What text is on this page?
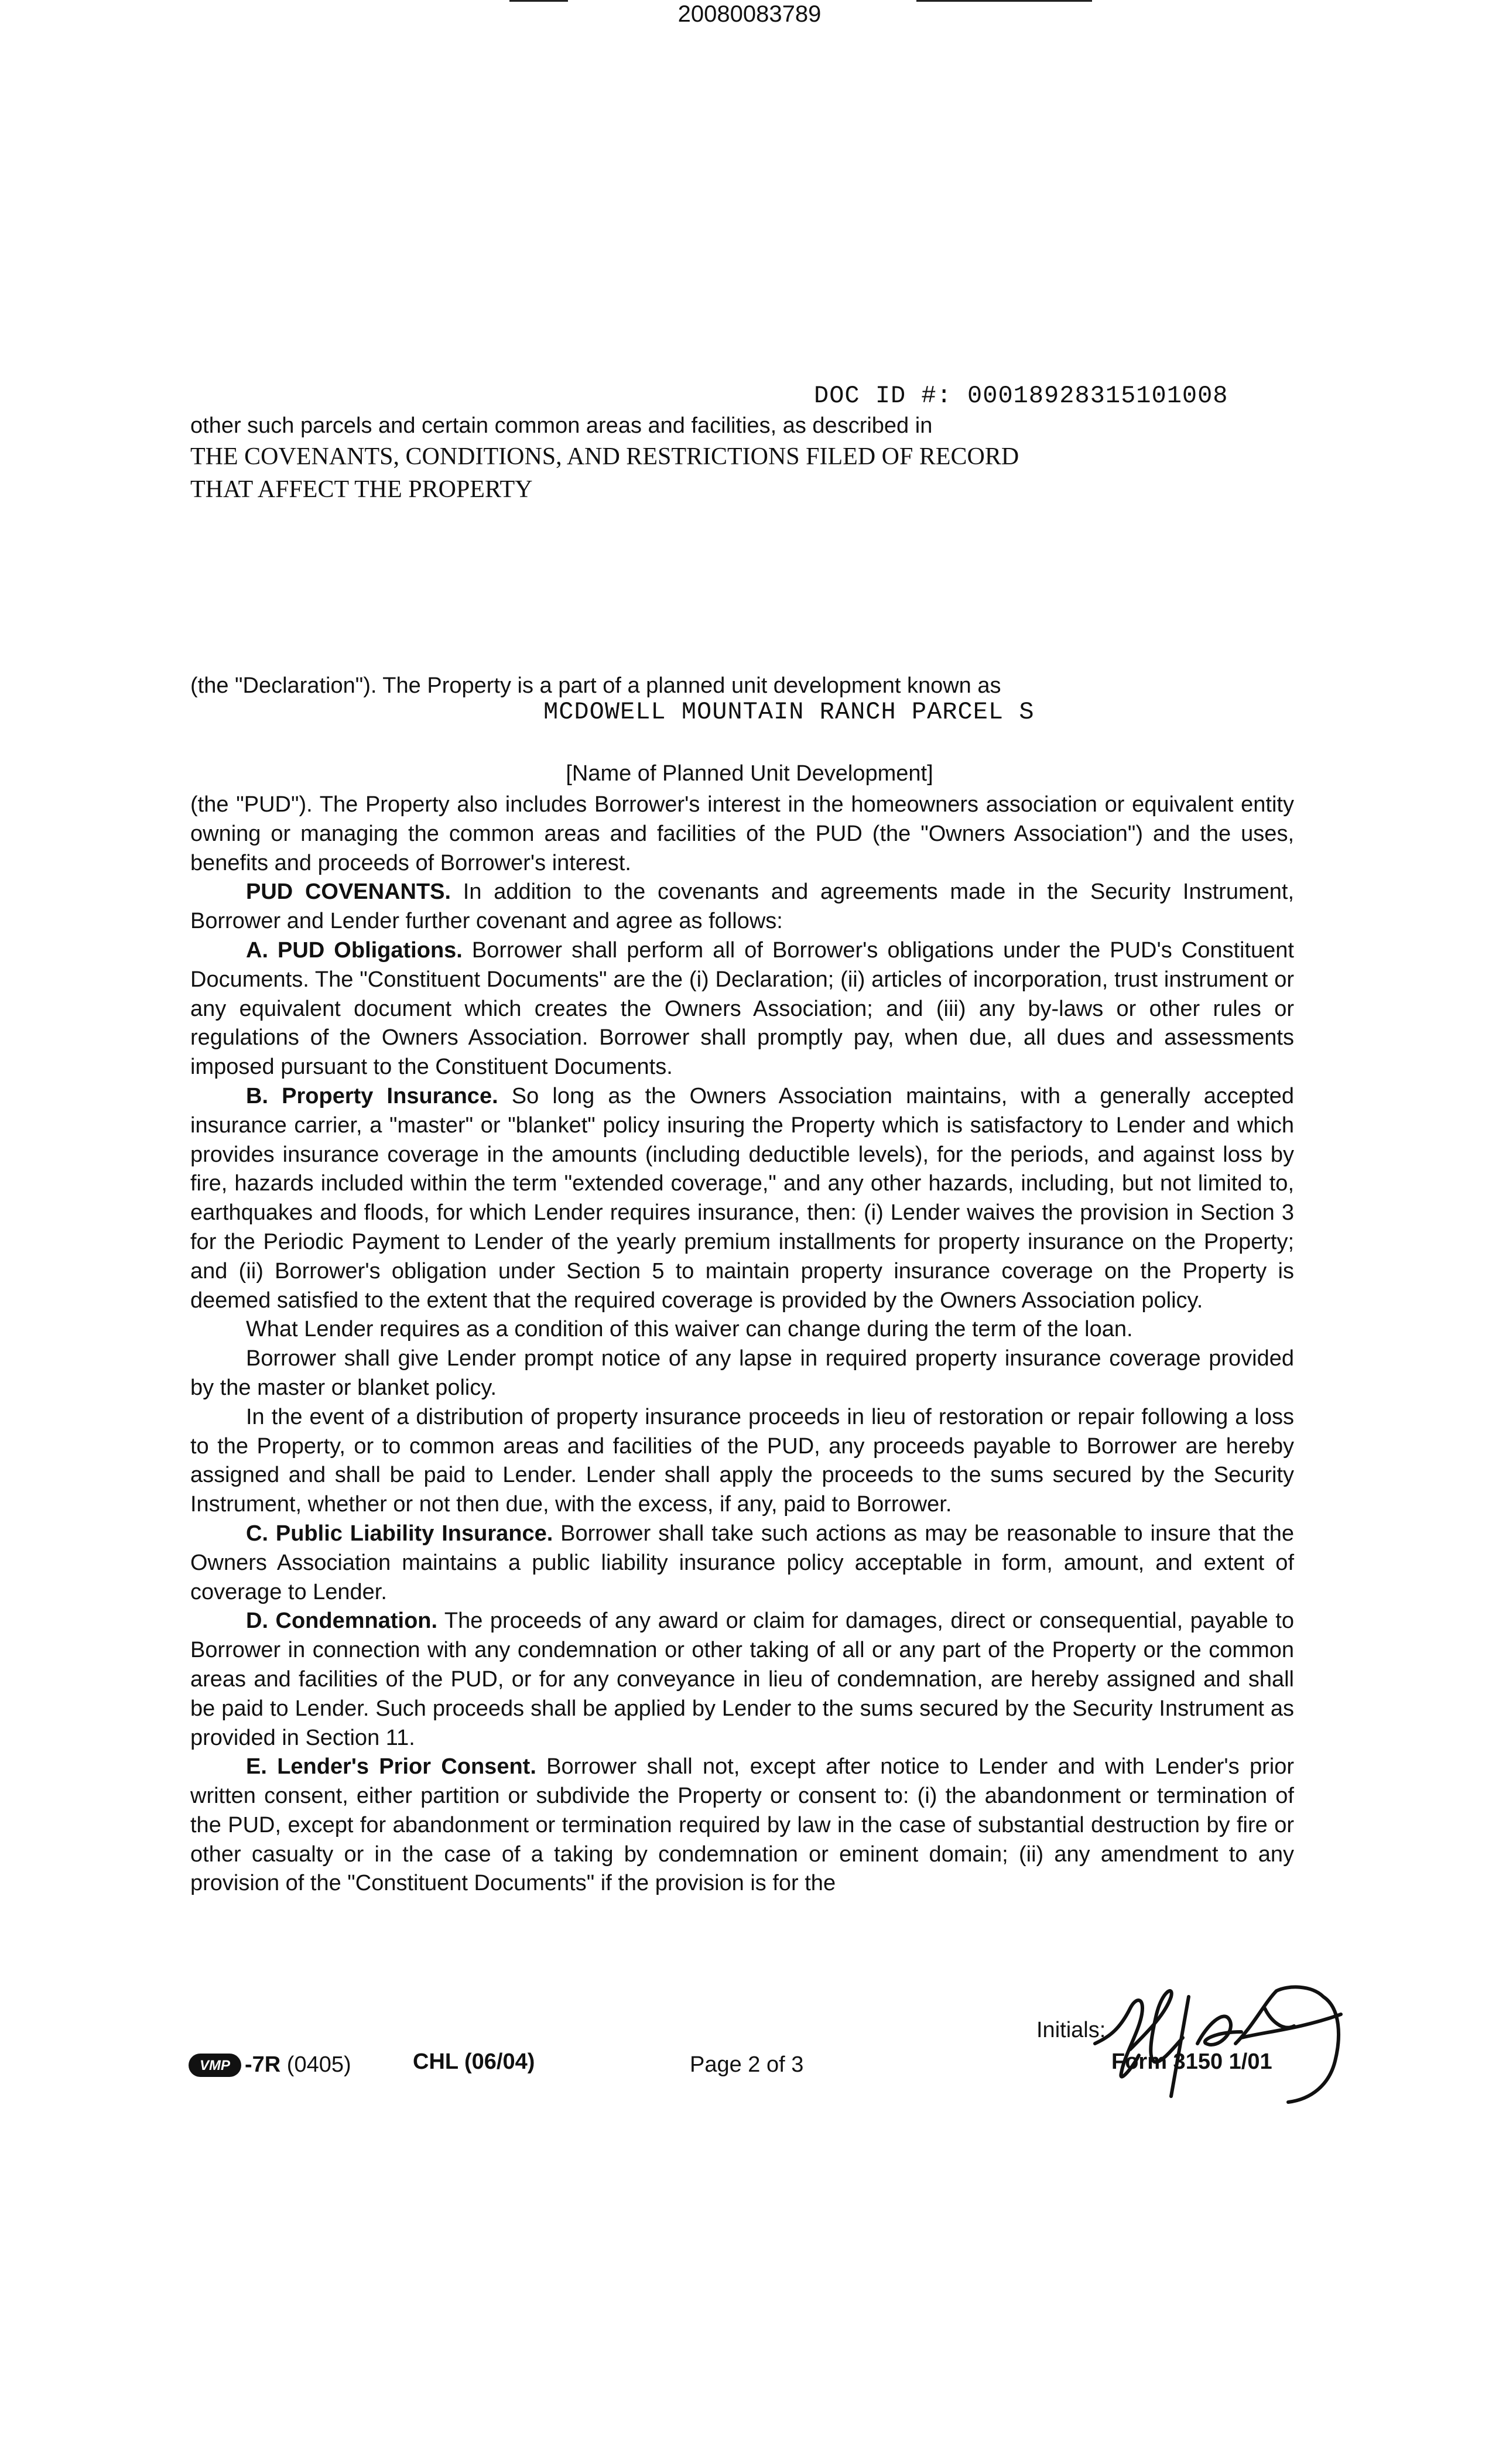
20080083789
DOC ID #: 00018928315101008
other such parcels and certain common areas and facilities, as described in
THE COVENANTS, CONDITIONS, AND RESTRICTIONS FILED OF RECORD
THAT AFFECT THE PROPERTY
(the "Declaration"). The Property is a part of a planned unit development known as
MCDOWELL MOUNTAIN RANCH PARCEL S
[Name of Planned Unit Development]

(the "PUD"). The Property also includes Borrower's interest in the homeowners association or equivalent entity owning or managing the common areas and facilities of the PUD (the "Owners Association") and the uses, benefits and proceeds of Borrower's interest.

PUD COVENANTS. In addition to the covenants and agreements made in the Security Instrument, Borrower and Lender further covenant and agree as follows:

A. PUD Obligations. Borrower shall perform all of Borrower's obligations under the PUD's Constituent Documents. The "Constituent Documents" are the (i) Declaration; (ii) articles of incorporation, trust instrument or any equivalent document which creates the Owners Association; and (iii) any by-laws or other rules or regulations of the Owners Association. Borrower shall promptly pay, when due, all dues and assessments imposed pursuant to the Constituent Documents.

B. Property Insurance. So long as the Owners Association maintains, with a generally accepted insurance carrier, a "master" or "blanket" policy insuring the Property which is satisfactory to Lender and which provides insurance coverage in the amounts (including deductible levels), for the periods, and against loss by fire, hazards included within the term "extended coverage," and any other hazards, including, but not limited to, earthquakes and floods, for which Lender requires insurance, then: (i) Lender waives the provision in Section 3 for the Periodic Payment to Lender of the yearly premium installments for property insurance on the Property; and (ii) Borrower's obligation under Section 5 to maintain property insurance coverage on the Property is deemed satisfied to the extent that the required coverage is provided by the Owners Association policy.

What Lender requires as a condition of this waiver can change during the term of the loan.

Borrower shall give Lender prompt notice of any lapse in required property insurance coverage provided by the master or blanket policy.

In the event of a distribution of property insurance proceeds in lieu of restoration or repair following a loss to the Property, or to common areas and facilities of the PUD, any proceeds payable to Borrower are hereby assigned and shall be paid to Lender. Lender shall apply the proceeds to the sums secured by the Security Instrument, whether or not then due, with the excess, if any, paid to Borrower.

C. Public Liability Insurance. Borrower shall take such actions as may be reasonable to insure that the Owners Association maintains a public liability insurance policy acceptable in form, amount, and extent of coverage to Lender.

D. Condemnation. The proceeds of any award or claim for damages, direct or consequential, payable to Borrower in connection with any condemnation or other taking of all or any part of the Property or the common areas and facilities of the PUD, or for any conveyance in lieu of condemnation, are hereby assigned and shall be paid to Lender. Such proceeds shall be applied by Lender to the sums secured by the Security Instrument as provided in Section 11.

E. Lender's Prior Consent. Borrower shall not, except after notice to Lender and with Lender's prior written consent, either partition or subdivide the Property or consent to: (i) the abandonment or termination of the PUD, except for abandonment or termination required by law in the case of substantial destruction by fire or other casualty or in the case of a taking by condemnation or eminent domain; (ii) any amendment to any provision of the "Constituent Documents" if the provision is for the

VMP -7R (0405)	CHL (06/04)	Page 2 of 3
Initials:
Form 3150 1/01
